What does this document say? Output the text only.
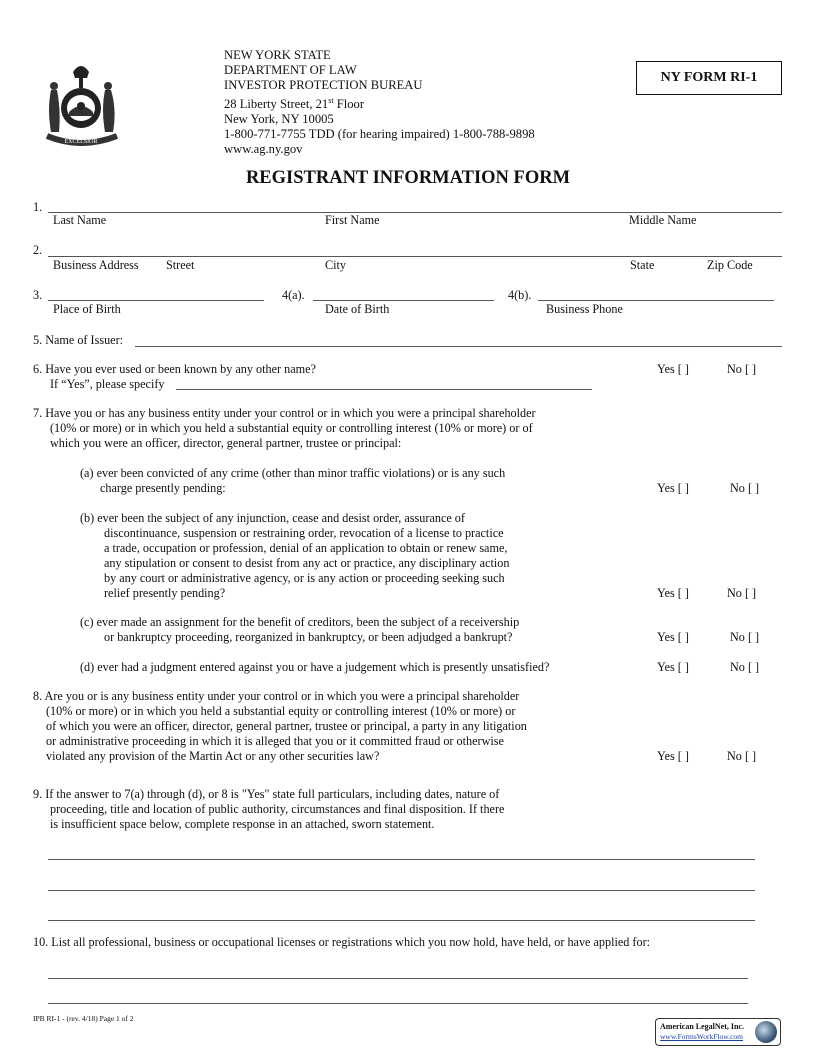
EXCELSIOR
NEW YORK STATE
DEPARTMENT OF LAW
INVESTOR PROTECTION BUREAU
28 Liberty Street, 21st Floor
New York, NY 10005
1-800-771-7755 TDD (for hearing impaired) 1-800-788-9898
www.ag.ny.gov
NY FORM RI-1
REGISTRANT INFORMATION FORM
1.
Last Name	First Name	Middle Name
2.
Business Address Street	City	State	Zip Code
3.	4(a).	4(b).
Place of Birth	Date of Birth	Business Phone
5. Name of Issuer:
6. Have you ever used or been known by any other name?
If “Yes”, please specify
Yes [ ]	No [ ]
7. Have you or has any business entity under your control or in which you were a principal shareholder
(10% or more) or in which you held a substantial equity or controlling interest (10% or more) or of
which you were an officer, director, general partner, trustee or principal:
(a) ever been convicted of any crime (other than minor traffic violations) or is any such
charge presently pending:	Yes [ ]	No [ ]
(b) ever been the subject of any injunction, cease and desist order, assurance of
discontinuance, suspension or restraining order, revocation of a license to practice
a trade, occupation or profession, denial of an application to obtain or renew same,
any stipulation or consent to desist from any act or practice, any disciplinary action
by any court or administrative agency, or is any action or proceeding seeking such
relief presently pending?	Yes [ ]	No [ ]
(c) ever made an assignment for the benefit of creditors, been the subject of a receivership
or bankruptcy proceeding, reorganized in bankruptcy, or been adjudged a bankrupt?	Yes [ ]	No [ ]
(d) ever had a judgment entered against you or have a judgement which is presently unsatisfied?	Yes [ ]	No [ ]
8. Are you or is any business entity under your control or in which you were a principal shareholder
(10% or more) or in which you held a substantial equity or controlling interest (10% or more) or
of which you were an officer, director, general partner, trustee or principal, a party in any litigation
or administrative proceeding in which it is alleged that you or it committed fraud or otherwise
violated any provision of the Martin Act or any other securities law?	Yes [ ]	No [ ]
9. If the answer to 7(a) through (d), or 8 is "Yes" state full particulars, including dates, nature of
proceeding, title and location of public authority, circumstances and final disposition. If there
is insufficient space below, complete response in an attached, sworn statement.
10. List all professional, business or occupational licenses or registrations which you now hold, have held, or have applied for:
IPB RI-1 - (rev. 4/18) Page 1 of 2
American LegalNet, Inc.
www.FormsWorkFlow.com
